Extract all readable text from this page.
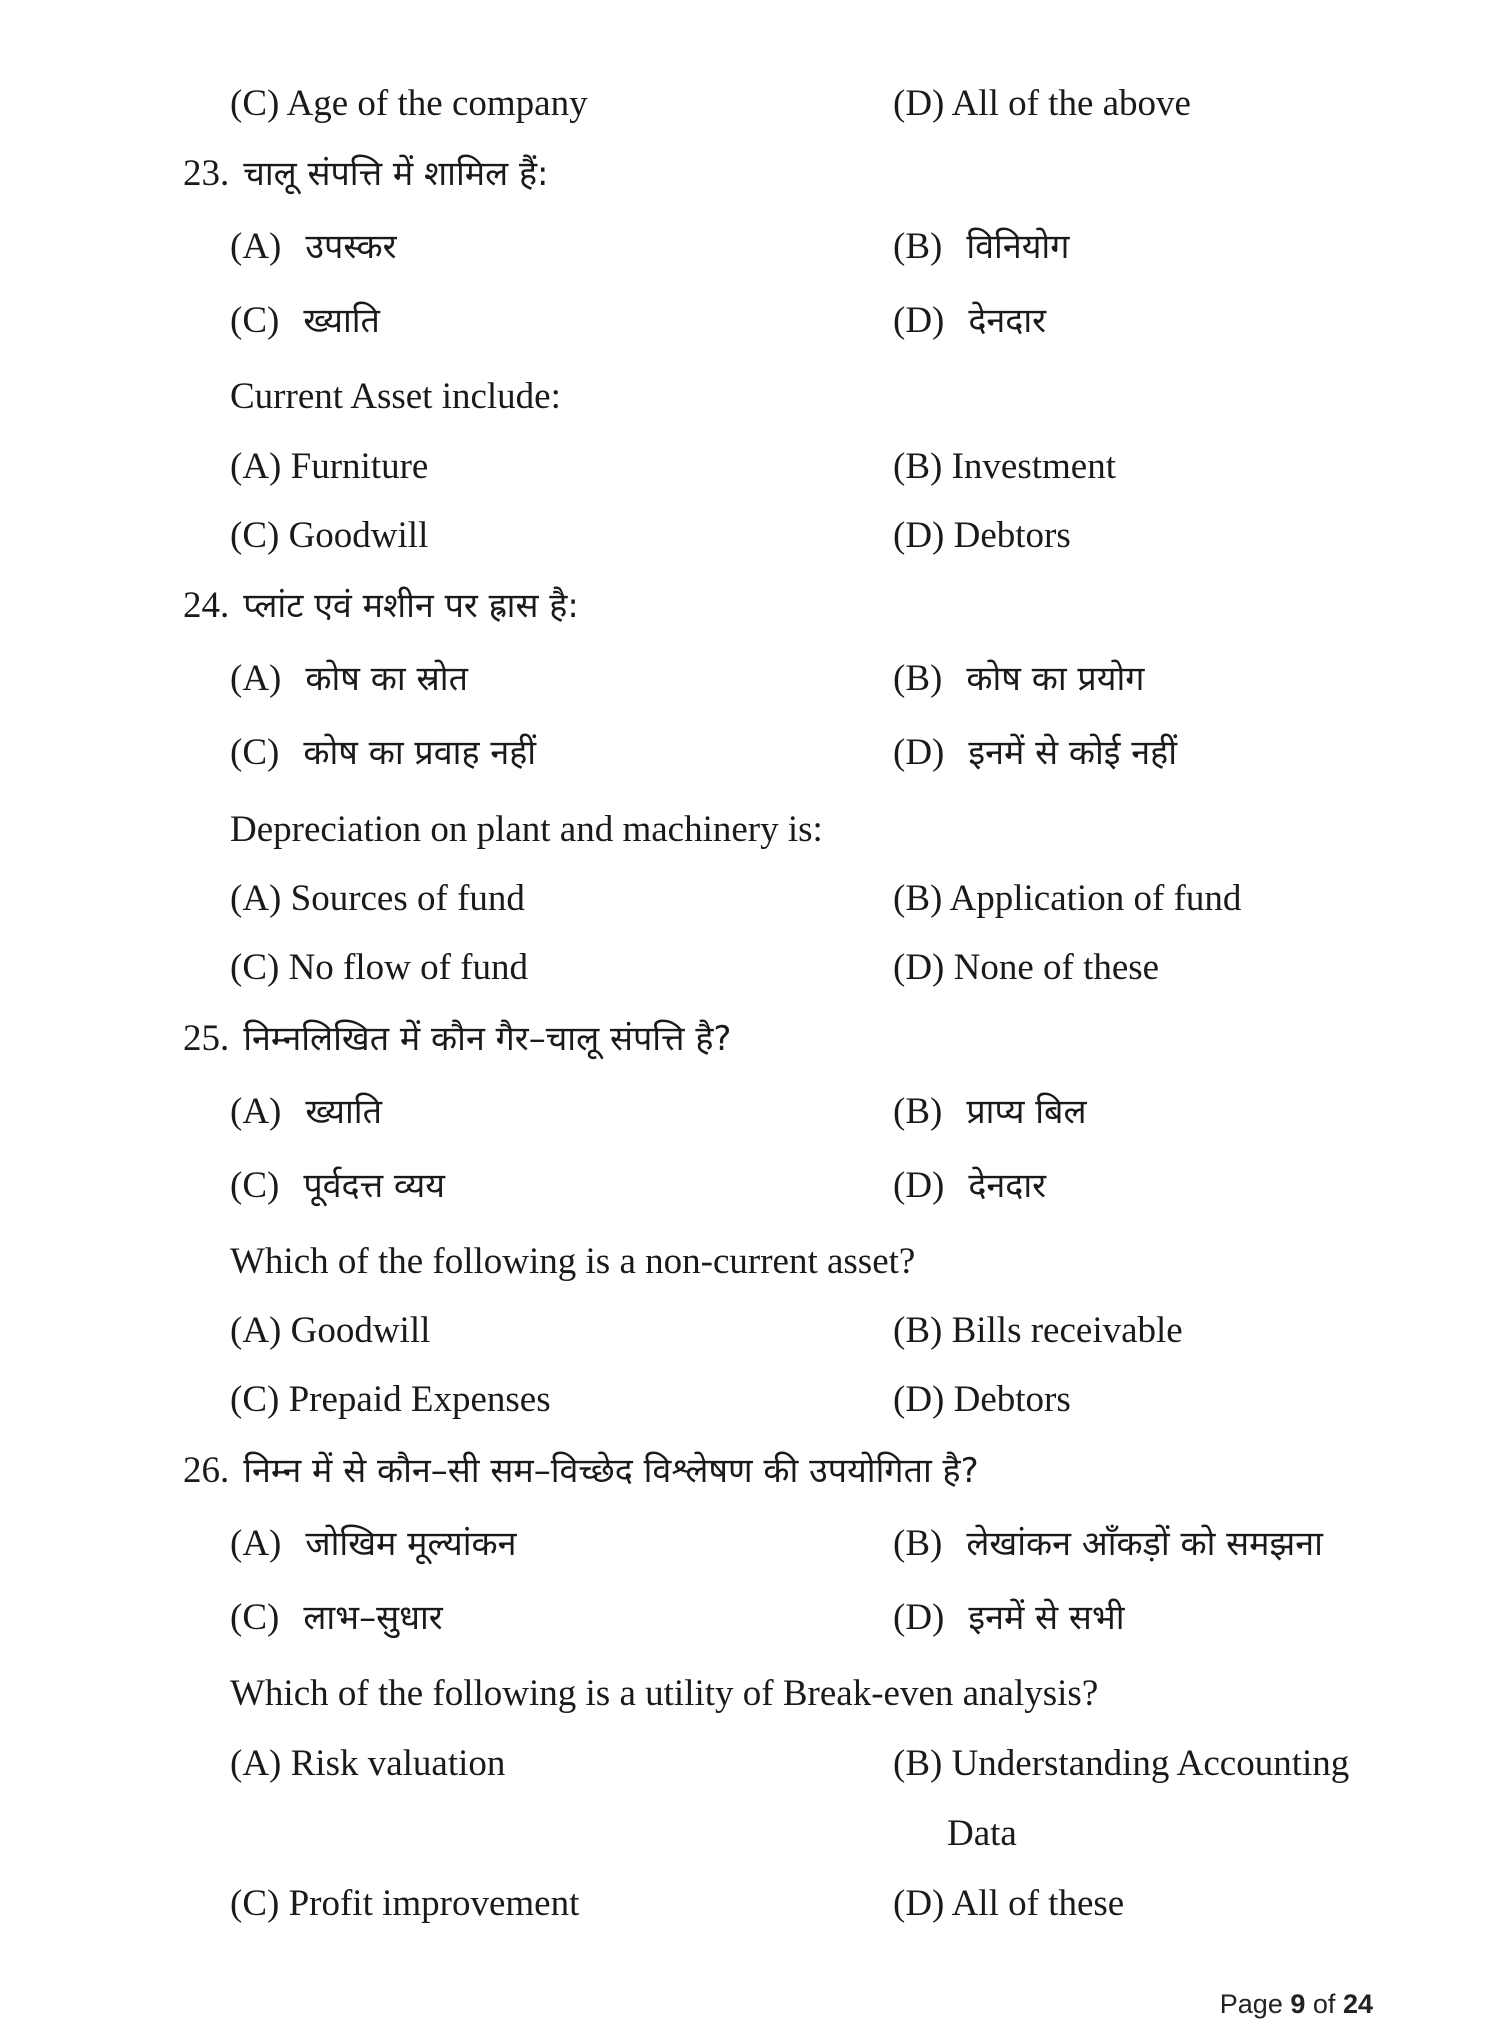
(C) Age of the company	(D) All of the above
23. चालू संपत्ति में शामिल हैं:
(A) उपस्कर	(B) विनियोग
(C) ख्याति	(D) देनदार
Current Asset include:
(A) Furniture	(B) Investment
(C) Goodwill	(D) Debtors
24. प्लांट एवं मशीन पर ह्रास है:
(A) कोष का स्रोत	(B) कोष का प्रयोग
(C) कोष का प्रवाह नहीं	(D) इनमें से कोई नहीं
Depreciation on plant and machinery is:
(A) Sources of fund	(B) Application of fund
(C) No flow of fund	(D) None of these
25. निम्नलिखित में कौन गैर–चालू संपत्ति है?
(A) ख्याति	(B) प्राप्य बिल
(C) पूर्वदत्त व्यय	(D) देनदार
Which of the following is a non-current asset?
(A) Goodwill	(B) Bills receivable
(C) Prepaid Expenses	(D) Debtors
26. निम्न में से कौन–सी सम–विच्छेद विश्लेषण की उपयोगिता है?
(A) जोखिम मूल्यांकन	(B) लेखांकन आँकड़ों को समझना
(C) लाभ–सुधार	(D) इनमें से सभी
Which of the following is a utility of Break-even analysis?
(A) Risk valuation	(B) Understanding Accounting
Data
(C) Profit improvement	(D) All of these
Page 9 of 24
